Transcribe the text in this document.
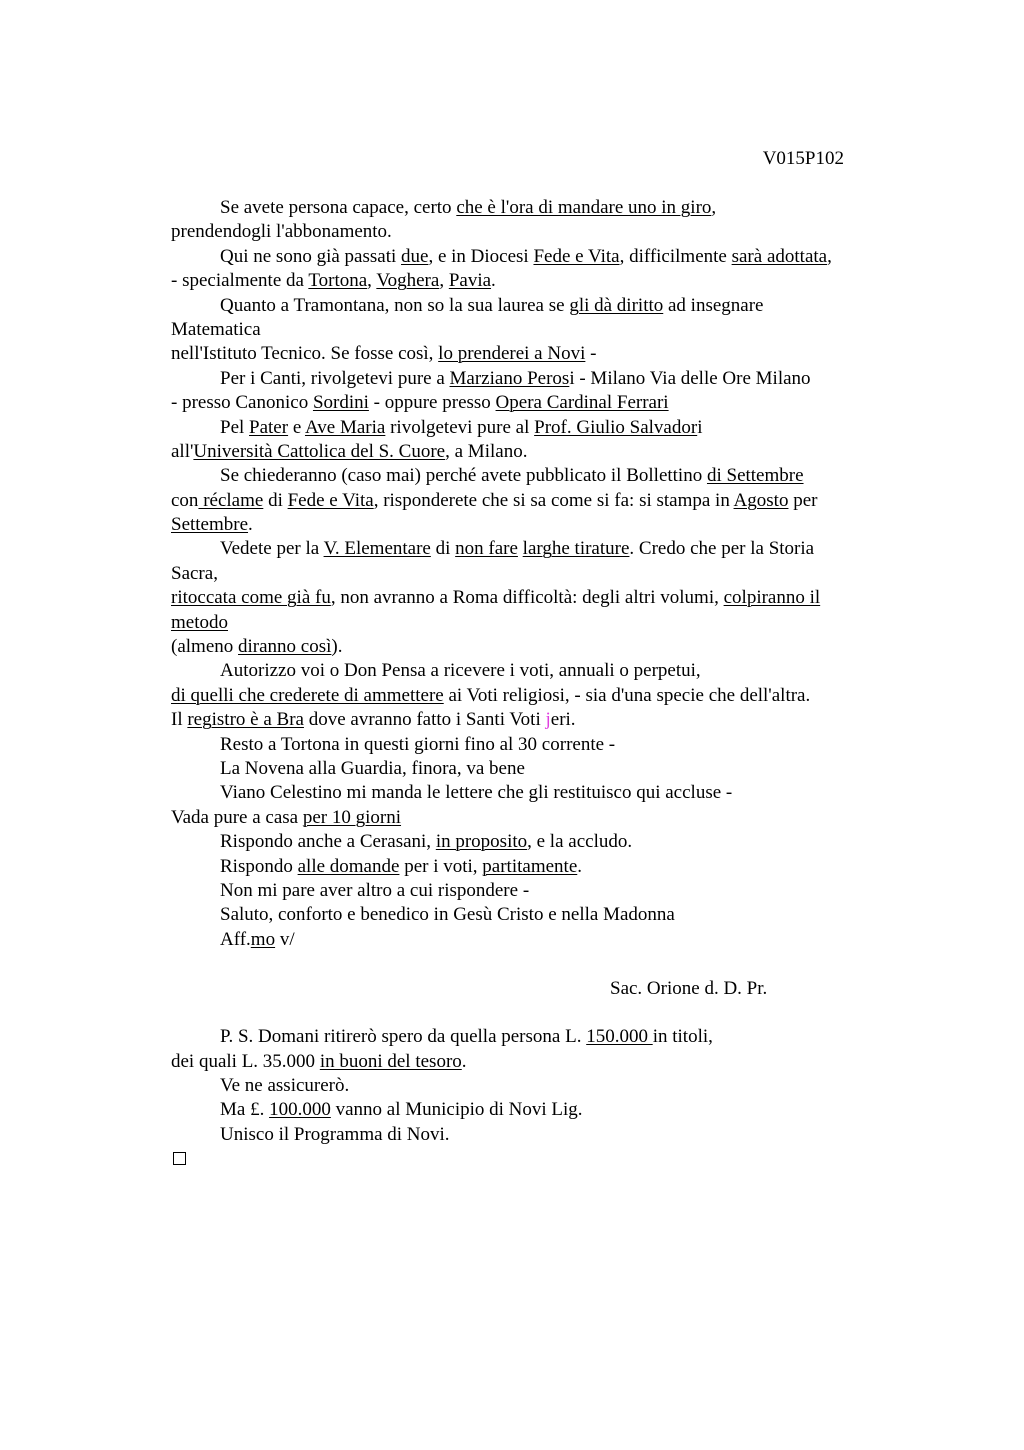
V015P102
Se avete persona capace, certo che è l'ora di mandare uno in giro,
prendendogli l'abbonamento.
Qui ne sono già passati due, e in Diocesi Fede e Vita, difficilmente sarà adottata,
- specialmente da Tortona, Voghera, Pavia.
Quanto a Tramontana, non so la sua laurea se gli dà diritto ad insegnare
Matematica
nell'Istituto Tecnico. Se fosse così, lo prenderei a Novi -
Per i Canti, rivolgetevi pure a Marziano Perosi - Milano Via delle Ore Milano
- presso Canonico Sordini - oppure presso Opera Cardinal Ferrari
Pel Pater e Ave Maria rivolgetevi pure al Prof. Giulio Salvadori
all'Università Cattolica del S. Cuore, a Milano.
Se chiederanno (caso mai) perché avete pubblicato il Bollettino di Settembre
con réclame di Fede e Vita, risponderete che si sa come si fa: si stampa in Agosto per
Settembre.
Vedete per la V. Elementare di non fare larghe tirature. Credo che per la Storia
Sacra,
ritoccata come già fu, non avranno a Roma difficoltà: degli altri volumi, colpiranno il
metodo
(almeno diranno così).
Autorizzo voi o Don Pensa a ricevere i voti, annuali o perpetui,
di quelli che crederete di ammettere ai Voti religiosi, - sia d'una specie che dell'altra.
Il registro è a Bra dove avranno fatto i Santi Voti jeri.
Resto a Tortona in questi giorni fino al 30 corrente -
La Novena alla Guardia, finora, va bene
Viano Celestino mi manda le lettere che gli restituisco qui accluse -
Vada pure a casa per 10 giorni
Rispondo anche a Cerasani, in proposito, e la accludo.
Rispondo alle domande per i voti, partitamente.
Non mi pare aver altro a cui rispondere -
Saluto, conforto e benedico in Gesù Cristo e nella Madonna
Aff.mo v/
Sac. Orione d. D. Pr.
P. S. Domani ritirerò spero da quella persona L. 150.000 in titoli,
dei quali L. 35.000 in buoni del tesoro.
Ve ne assicurerò.
Ma £. 100.000 vanno al Municipio di Novi Lig.
Unisco il Programma di Novi.
